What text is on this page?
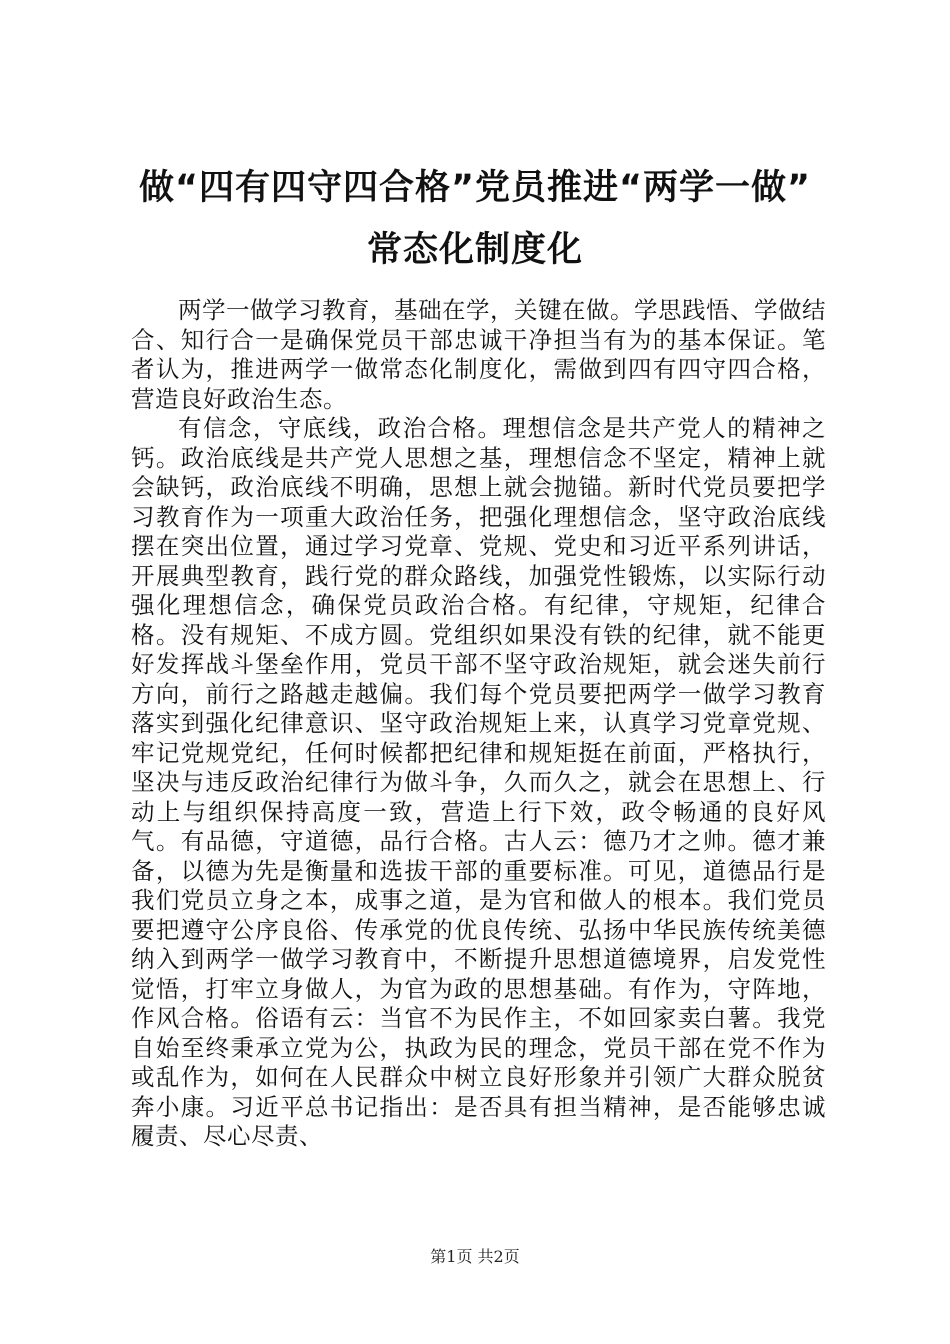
做“四有四守四合格”党员推进“两学一做”
常态化制度化

两学一做学习教育，基础在学，关键在做。学思践悟、学做结合、知行合一是确保党员干部忠诚干净担当有为的基本保证。笔者认为，推进两学一做常态化制度化，需做到四有四守四合格，营造良好政治生态。

有信念，守底线，政治合格。理想信念是共产党人的精神之钙。政治底线是共产党人思想之基，理想信念不坚定，精神上就会缺钙，政治底线不明确，思想上就会抛锚。新时代党员要把学习教育作为一项重大政治任务，把强化理想信念，坚守政治底线摆在突出位置，通过学习党章、党规、党史和习近平系列讲话，开展典型教育，践行党的群众路线，加强党性锻炼，以实际行动强化理想信念，确保党员政治合格。有纪律，守规矩，纪律合格。没有规矩、不成方圆。党组织如果没有铁的纪律，就不能更好发挥战斗堡垒作用，党员干部不坚守政治规矩，就会迷失前行方向，前行之路越走越偏。我们每个党员要把两学一做学习教育落实到强化纪律意识、坚守政治规矩上来，认真学习党章党规、牢记党规党纪，任何时候都把纪律和规矩挺在前面，严格执行，坚决与违反政治纪律行为做斗争，久而久之，就会在思想上、行动上与组织保持高度一致，营造上行下效，政令畅通的良好风气。有品德，守道德，品行合格。古人云：德乃才之帅。德才兼备，以德为先是衡量和选拔干部的重要标准。可见，道德品行是我们党员立身之本，成事之道，是为官和做人的根本。我们党员要把遵守公序良俗、传承党的优良传统、弘扬中华民族传统美德纳入到两学一做学习教育中，不断提升思想道德境界，启发党性觉悟，打牢立身做人，为官为政的思想基础。有作为，守阵地，作风合格。俗语有云：当官不为民作主，不如回家卖白薯。我党自始至终秉承立党为公，执政为民的理念，党员干部在党不作为或乱作为，如何在人民群众中树立良好形象并引领广大群众脱贫奔小康。习近平总书记指出：是否具有担当精神，是否能够忠诚履责、尽心尽责、

第1页 共2页
